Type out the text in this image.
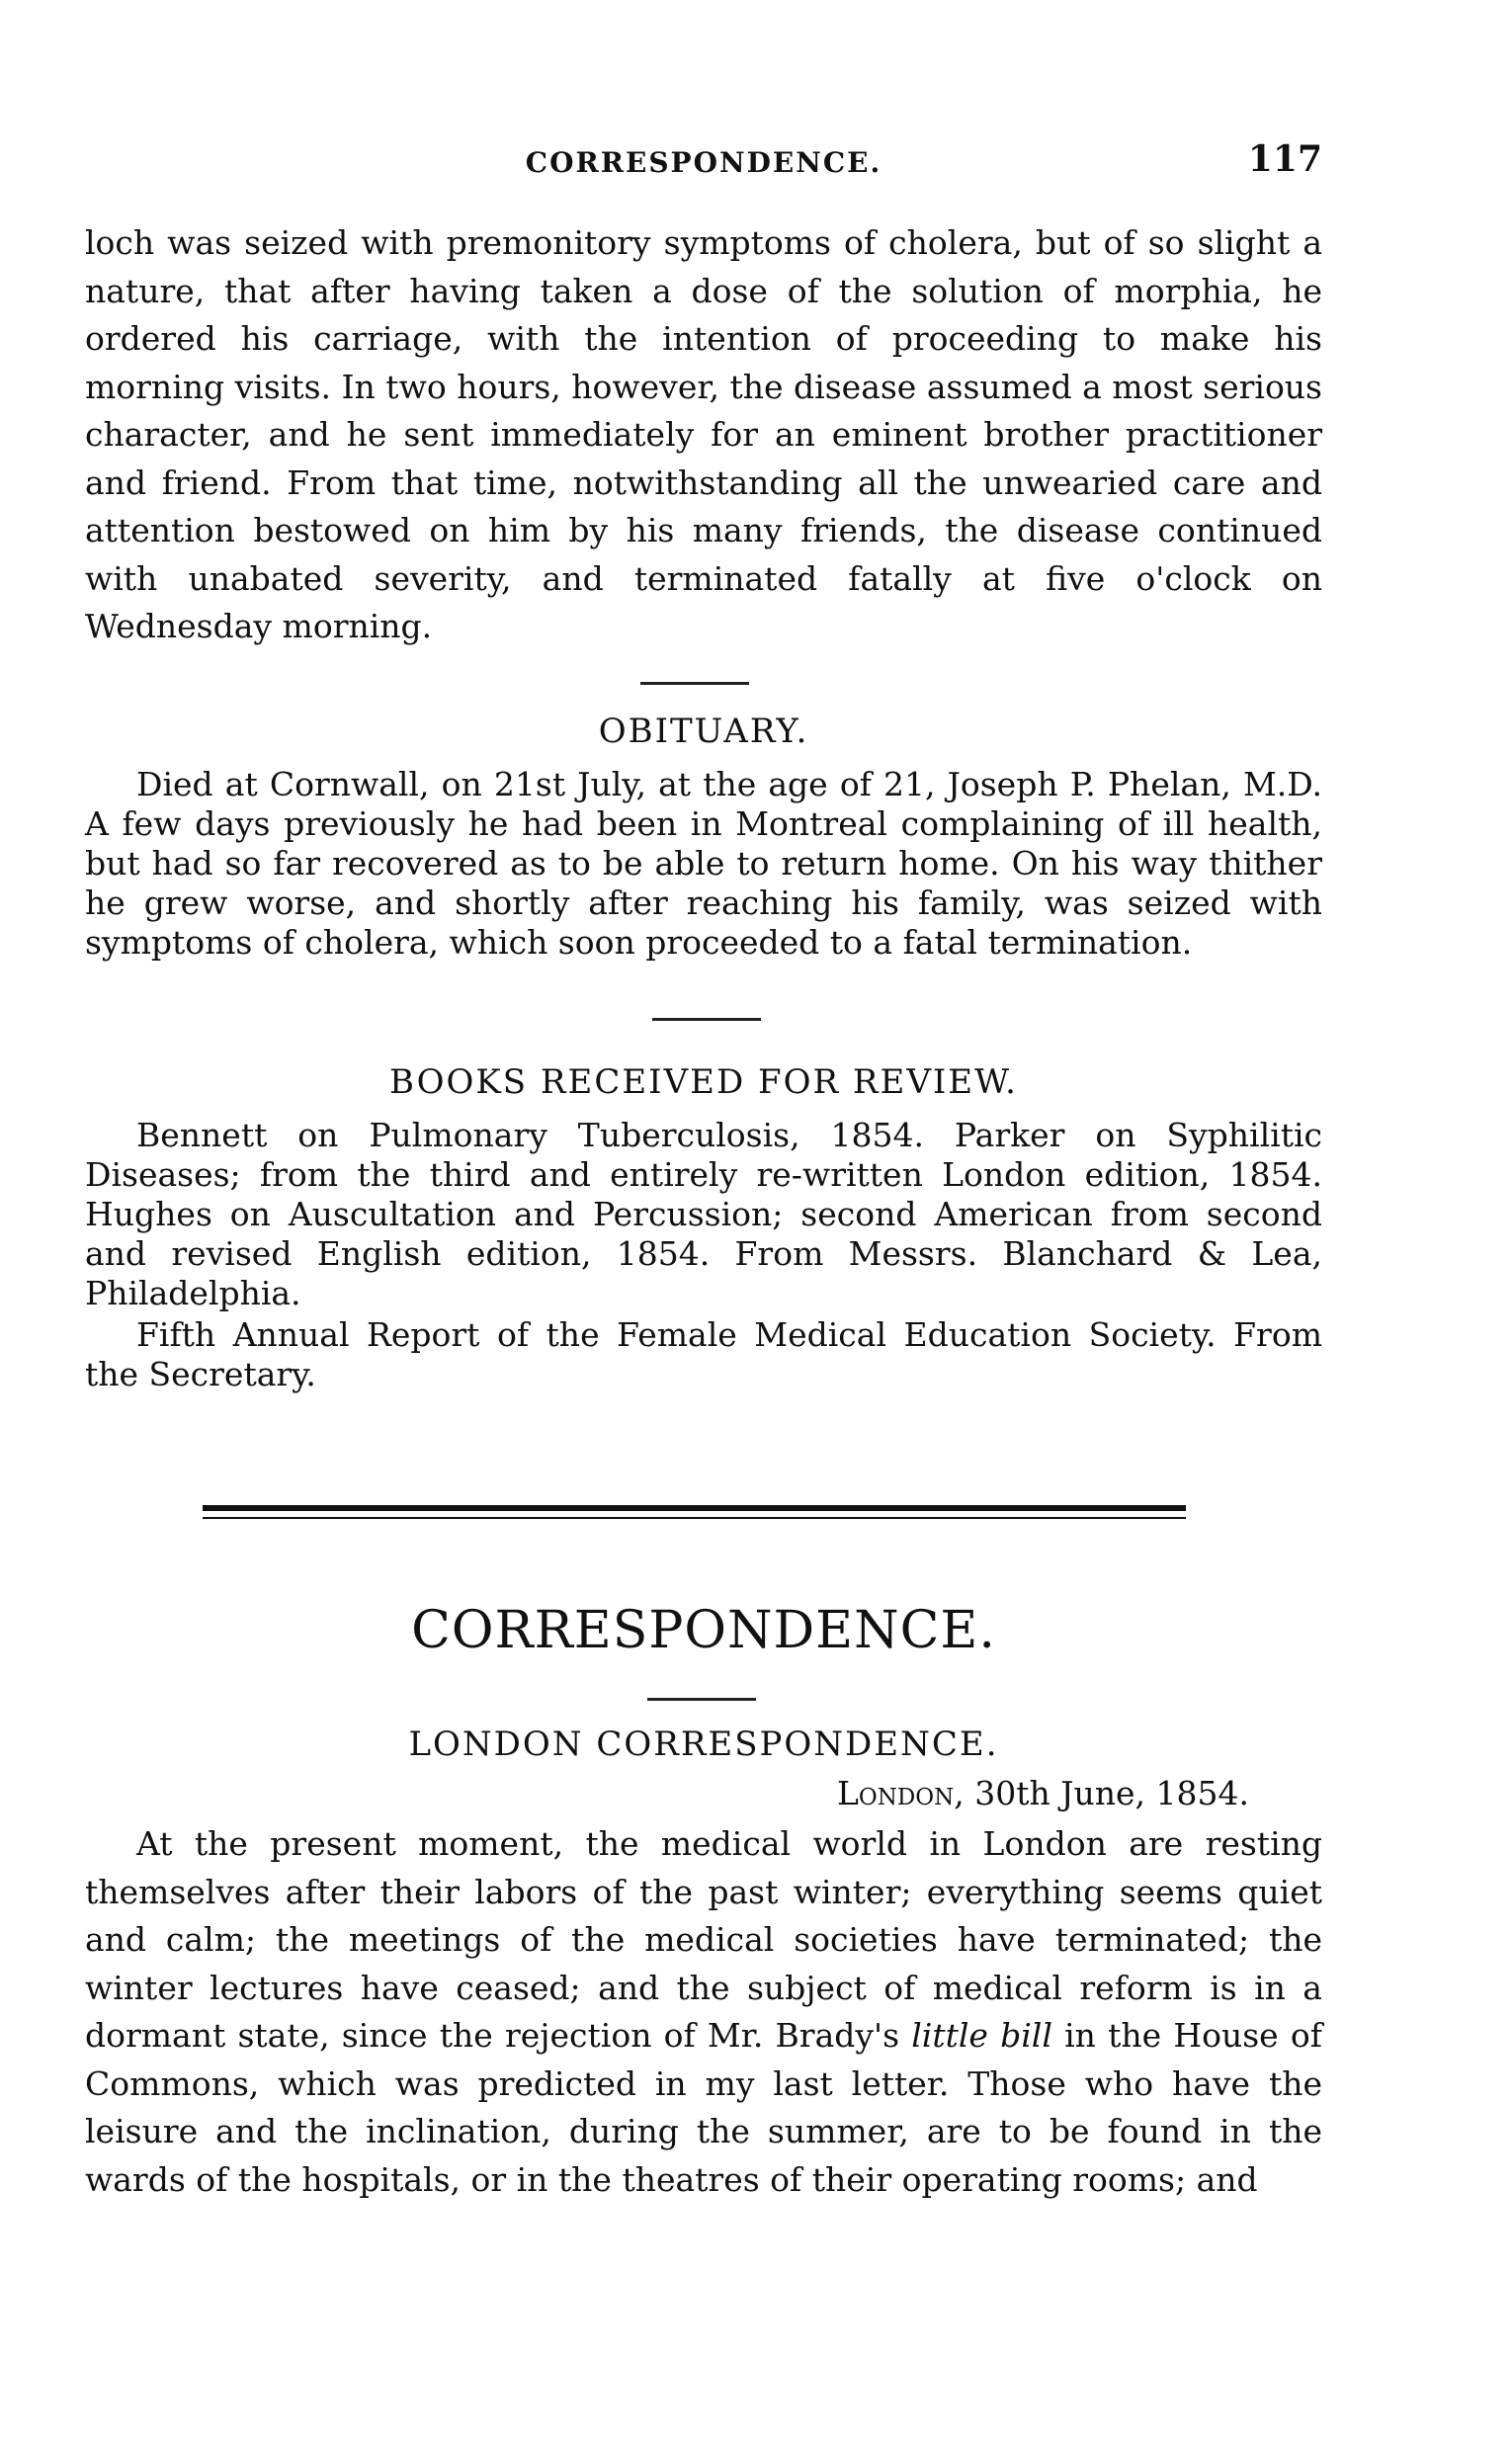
CORRESPONDENCE.	117

loch was seized with premonitory symptoms of cholera, but of so slight a nature, that after having taken a dose of the solution of morphia, he ordered his carriage, with the intention of proceeding to make his morning visits. In two hours, however, the disease assumed a most serious character, and he sent immediately for an eminent brother practitioner and friend. From that time, notwithstanding all the unwearied care and attention bestowed on him by his many friends, the disease continued with unabated severity, and terminated fatally at five o'clock on Wednesday morning.

OBITUARY.

Died at Cornwall, on 21st July, at the age of 21, Joseph P. Phelan, M.D. A few days previously he had been in Montreal complaining of ill health, but had so far recovered as to be able to return home. On his way thither he grew worse, and shortly after reaching his family, was seized with symptoms of cholera, which soon proceeded to a fatal termination.

BOOKS RECEIVED FOR REVIEW.

Bennett on Pulmonary Tuberculosis, 1854. Parker on Syphilitic Diseases; from the third and entirely re-written London edition, 1854. Hughes on Auscultation and Percussion; second American from second and revised English edition, 1854. From Messrs. Blanchard & Lea, Philadelphia.

Fifth Annual Report of the Female Medical Education Society. From the Secretary.

CORRESPONDENCE.
LONDON CORRESPONDENCE.
London, 30th June, 1854.

At the present moment, the medical world in London are resting themselves after their labors of the past winter; everything seems quiet and calm; the meetings of the medical societies have terminated; the winter lectures have ceased; and the subject of medical reform is in a dormant state, since the rejection of Mr. Brady's little bill in the House of Commons, which was predicted in my last letter. Those who have the leisure and the inclination, during the summer, are to be found in the wards of the hospitals, or in the theatres of their operating rooms; and
